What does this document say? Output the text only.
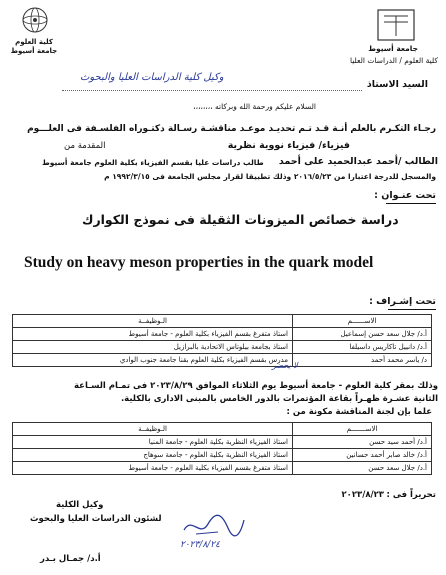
كلية العلوم جامعة أسيوط	جامعة أسيوط
كلية العلوم / الدراسات العليا
السيد الاستاذ
وكيل كلية الدراسات العليا والبحوث
السلام عليكم ورحمة الله وبركاته ،،،،،،،،
رجـاء التكـرم بالعلم أنـة قـد تـم تحديـد موعـد مناقشـة رسـالة دكتـوراه الفلسـفة فى العلـــوم
فيزياء/ فيزياء نووية نظرية
المقدمة من
الطالب /
أحمد عبدالحميد على أحمد
طالب دراسات عليا بقسم الفيزياء بكلية العلوم جامعة أسيوط
والمسجل للدرجة اعتبارا من ٢٠١٦/٥/٢٣ وذلك تطبيقا لقرار مجلس الجامعة فى ١٩٩٢/٣/١٥ م
تحت عنـوان :
دراسة خصائص الميزونات الثقيلة فى نموذج الكوارك
Study on heavy meson properties in the quark model
تحت إشـراف :
الاســــــم	الـوظيفــة
أ.د/ جلال سعد حسن إسماعيل	استاذ متفرغ بقسم الفيزياء بكلية العلوم - جامعة أسيوط
أ.د/ دانييل تاكاريس داسيلفا	استاذ بجامعة بيلوتاس الاتحادية بالبرازيل
د/ ياسر محمد أحمد	مدرس بقسم الفيزياء بكلية العلوم بقنا جامعة جنوب الوادي
لا يحضر
وذلك بمقر كلية العلوم - جامعة أسيوط يوم الثلاثاء الموافق ٢٠٢٣/٨/٢٩ فى تمـام السـاعة
الثانية عشـرة ظهـراً بقاعة المؤتمرات بالدور الخامس بالمبنى الادارى بالكلية.
علما بإن لجنة المناقشة مكونة من :
الاســـــــم	الـوظيفــة
أ.د/ أحمد سيد حسن	استاذ الفيزياء النظرية بكلية العلوم - جامعة المنيا
أ.د/ خالد صابر أحمد حسانين	استاذ الفيزياء النظرية بكلية العلوم - جامعة سوهاج
أ.د/ جلال سعد حسن	استاذ متفرغ بقسم الفيزياء بكلية العلوم - جامعة أسيوط
تحريراً فى :
٢٠٢٣/٨/٢٣
وكيل الكلية
لشئون الدراسات العليا والبحوث
أ.د/ جمـال بـدر
٢٠٢٣/٨/٢٤
